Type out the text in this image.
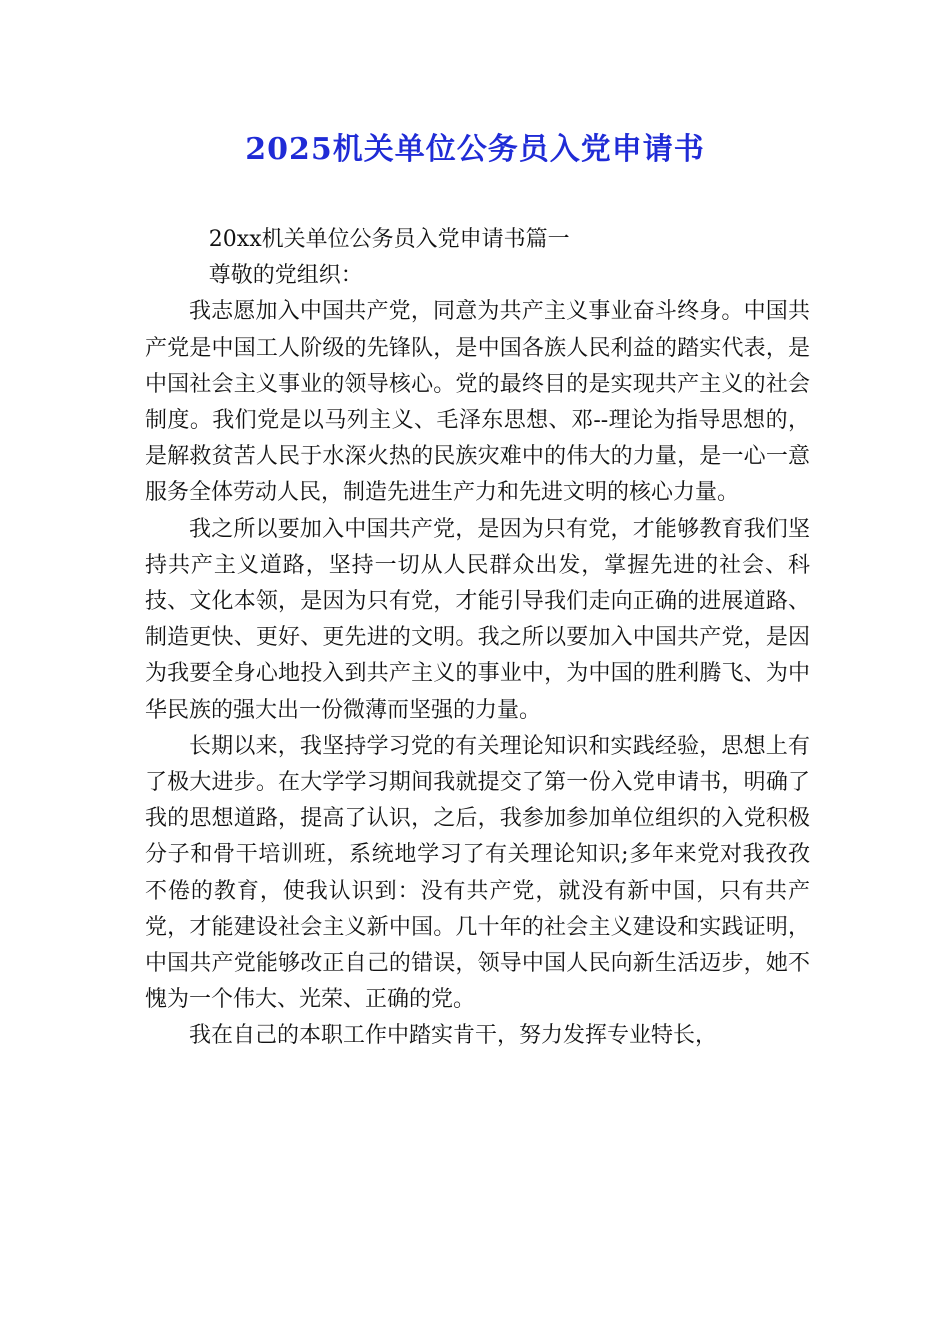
2025机关单位公务员入党申请书

20xx机关单位公务员入党申请书篇一

尊敬的党组织：

我志愿加入中国共产党，同意为共产主义事业奋斗终身。中国共产党是中国工人阶级的先锋队，是中国各族人民利益的踏实代表，是中国社会主义事业的领导核心。党的最终目的是实现共产主义的社会制度。我们党是以马列主义、毛泽东思想、邓--理论为指导思想的，是解救贫苦人民于水深火热的民族灾难中的伟大的力量，是一心一意服务全体劳动人民，制造先进生产力和先进文明的核心力量。

我之所以要加入中国共产党，是因为只有党，才能够教育我们坚持共产主义道路，坚持一切从人民群众出发，掌握先进的社会、科技、文化本领，是因为只有党，才能引导我们走向正确的进展道路、制造更快、更好、更先进的文明。我之所以要加入中国共产党，是因为我要全身心地投入到共产主义的事业中，为中国的胜利腾飞、为中华民族的强大出一份微薄而坚强的力量。

长期以来，我坚持学习党的有关理论知识和实践经验，思想上有了极大进步。在大学学习期间我就提交了第一份入党申请书，明确了我的思想道路，提高了认识，之后，我参加参加单位组织的入党积极分子和骨干培训班，系统地学习了有关理论知识;多年来党对我孜孜不倦的教育，使我认识到：没有共产党，就没有新中国，只有共产党，才能建设社会主义新中国。几十年的社会主义建设和实践证明，中国共产党能够改正自己的错误，领导中国人民向新生活迈步，她不愧为一个伟大、光荣、正确的党。

我在自己的本职工作中踏实肯干，努力发挥专业特长，
